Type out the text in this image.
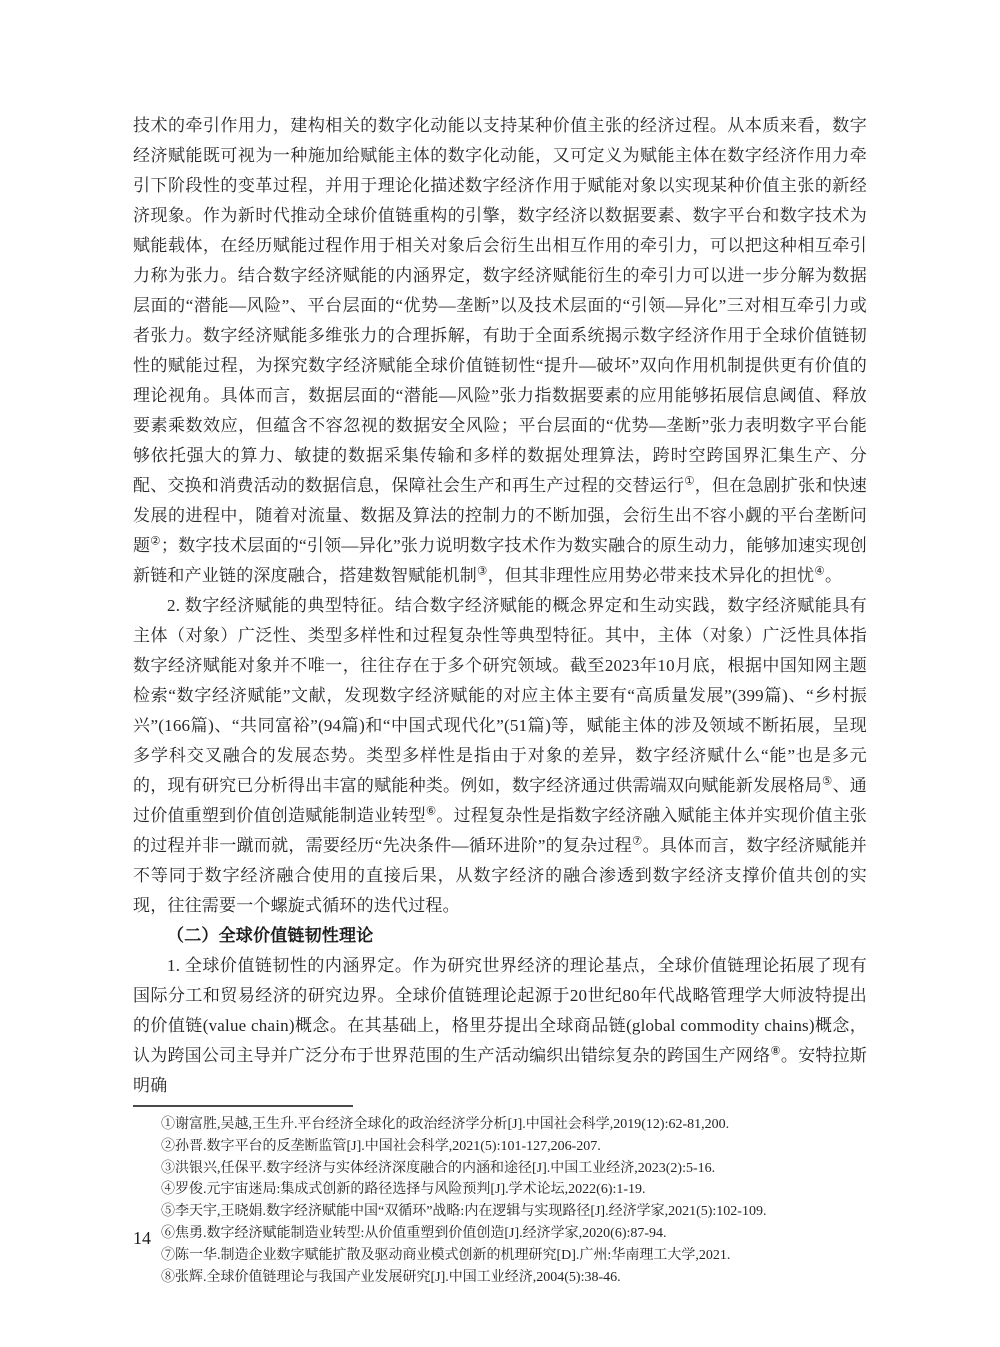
技术的牵引作用力，建构相关的数字化动能以支持某种价值主张的经济过程。从本质来看，数字经济赋能既可视为一种施加给赋能主体的数字化动能，又可定义为赋能主体在数字经济作用力牵引下阶段性的变革过程，并用于理论化描述数字经济作用于赋能对象以实现某种价值主张的新经济现象。作为新时代推动全球价值链重构的引擎，数字经济以数据要素、数字平台和数字技术为赋能载体，在经历赋能过程作用于相关对象后会衍生出相互作用的牵引力，可以把这种相互牵引力称为张力。结合数字经济赋能的内涵界定，数字经济赋能衍生的牵引力可以进一步分解为数据层面的“潜能—风险”、平台层面的“优势—垄断”以及技术层面的“引领—异化”三对相互牵引力或者张力。数字经济赋能多维张力的合理拆解，有助于全面系统揭示数字经济作用于全球价值链韧性的赋能过程，为探究数字经济赋能全球价值链韧性“提升—破坏”双向作用机制提供更有价值的理论视角。具体而言，数据层面的“潜能—风险”张力指数据要素的应用能够拓展信息阈值、释放要素乘数效应，但蕴含不容忽视的数据安全风险；平台层面的“优势—垄断”张力表明数字平台能够依托强大的算力、敏捷的数据采集传输和多样的数据处理算法，跨时空跨国界汇集生产、分配、交换和消费活动的数据信息，保障社会生产和再生产过程的交替运行①，但在急剧扩张和快速发展的进程中，随着对流量、数据及算法的控制力的不断加强，会衍生出不容小觑的平台垄断问题②；数字技术层面的“引领—异化”张力说明数字技术作为数实融合的原生动力，能够加速实现创新链和产业链的深度融合，搭建数智赋能机制③，但其非理性应用势必带来技术异化的担忧④。

2. 数字经济赋能的典型特征。结合数字经济赋能的概念界定和生动实践，数字经济赋能具有主体（对象）广泛性、类型多样性和过程复杂性等典型特征。其中，主体（对象）广泛性具体指数字经济赋能对象并不唯一，往往存在于多个研究领域。截至2023年10月底，根据中国知网主题检索“数字经济赋能”文献，发现数字经济赋能的对应主体主要有“高质量发展”(399篇)、“乡村振兴”(166篇)、“共同富裕”(94篇)和“中国式现代化”(51篇)等，赋能主体的涉及领域不断拓展，呈现多学科交叉融合的发展态势。类型多样性是指由于对象的差异，数字经济赋什么“能”也是多元的，现有研究已分析得出丰富的赋能种类。例如，数字经济通过供需端双向赋能新发展格局⑤、通过价值重塑到价值创造赋能制造业转型⑥。过程复杂性是指数字经济融入赋能主体并实现价值主张的过程并非一蹴而就，需要经历“先决条件—循环进阶”的复杂过程⑦。具体而言，数字经济赋能并不等同于数字经济融合使用的直接后果，从数字经济的融合渗透到数字经济支撑价值共创的实现，往往需要一个螺旋式循环的迭代过程。

（二）全球价值链韧性理论

1. 全球价值链韧性的内涵界定。作为研究世界经济的理论基点，全球价值链理论拓展了现有国际分工和贸易经济的研究边界。全球价值链理论起源于20世纪80年代战略管理学大师波特提出的价值链(value chain)概念。在其基础上，格里芬提出全球商品链(global commodity chains)概念，认为跨国公司主导并广泛分布于世界范围的生产活动编织出错综复杂的跨国生产网络⑧。安特拉斯明确

①谢富胜,吴越,王生升.平台经济全球化的政治经济学分析[J].中国社会科学,2019(12):62-81,200.

②孙晋.数字平台的反垄断监管[J].中国社会科学,2021(5):101-127,206-207.

③洪银兴,任保平.数字经济与实体经济深度融合的内涵和途径[J].中国工业经济,2023(2):5-16.

④罗俊.元宇宙迷局:集成式创新的路径选择与风险预判[J].学术论坛,2022(6):1-19.

⑤李天宇,王晓娟.数字经济赋能中国“双循环”战略:内在逻辑与实现路径[J].经济学家,2021(5):102-109.

⑥焦勇.数字经济赋能制造业转型:从价值重塑到价值创造[J].经济学家,2020(6):87-94.

⑦陈一华.制造企业数字赋能扩散及驱动商业模式创新的机理研究[D].广州:华南理工大学,2021.

⑧张辉.全球价值链理论与我国产业发展研究[J].中国工业经济,2004(5):38-46.

14
